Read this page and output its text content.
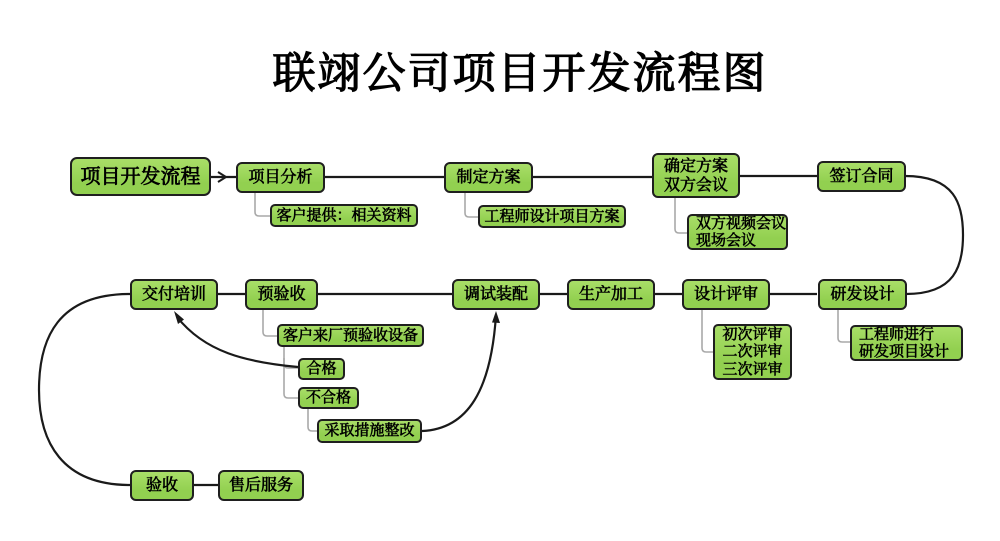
联翊公司项目开发流程图
项目开发流程	项目分析
客户提供：相关资料
制定方案
工程师设计项目方案
确定方案
双方会议
双方视频会议
现场会议
签订合同
研发设计
工程师进行
研发项目设计
设计评审
初次评审
二次评审
三次评审
生产加工
调试装配
预验收
客户来厂预验收设备
合格
不合格
采取措施整改
交付培训
验收	售后服务
